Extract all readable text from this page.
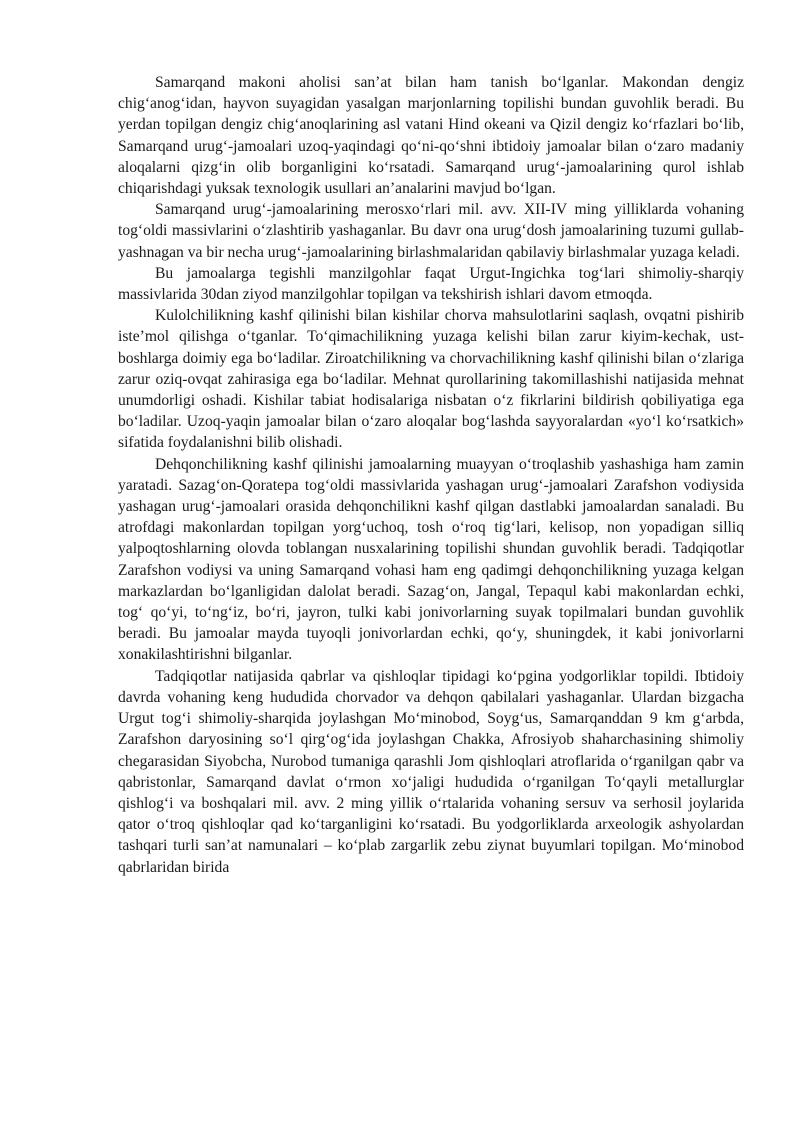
Samarqand makoni aholisi san’at bilan ham tanish bo‘lganlar. Makondan dengiz chig‘anog‘idan, hayvon suyagidan yasalgan marjonlarning topilishi bundan guvohlik beradi. Bu yerdan topilgan dengiz chig‘anoqlarining asl vatani Hind okeani va Qizil dengiz ko‘rfazlari bo‘lib, Samarqand urug‘-jamoalari uzoq-yaqindagi qo‘ni-qo‘shni ibtidoiy jamoalar bilan o‘zaro madaniy aloqalarni qizg‘in olib borganligini ko‘rsatadi. Samarqand urug‘-jamoalarining qurol ishlab chiqarishdagi yuksak texnologik usullari an’analarini mavjud bo‘lgan.

Samarqand urug‘-jamoalarining merosxo‘rlari mil. avv. XII-IV ming yilliklarda vohaning tog‘oldi massivlarini o‘zlashtirib yashaganlar. Bu davr ona urug‘dosh jamoalarining tuzumi gullab-yashnagan va bir necha urug‘-jamoalarining birlashmalaridan qabilaviy birlashmalar yuzaga keladi.

Bu jamoalarga tegishli manzilgohlar faqat Urgut-Ingichka tog‘lari shimoliy-sharqiy massivlarida 30dan ziyod manzilgohlar topilgan va tekshirish ishlari davom etmoqda.

Kulolchilikning kashf qilinishi bilan kishilar chorva mahsulotlarini saqlash, ovqatni pishirib iste’mol qilishga o‘tganlar. To‘qimachilikning yuzaga kelishi bilan zarur kiyim-kechak, ust-boshlarga doimiy ega bo‘ladilar. Ziroatchilikning va chorvachilikning kashf qilinishi bilan o‘zlariga zarur oziq-ovqat zahirasiga ega bo‘ladilar. Mehnat qurollarining takomillashishi natijasida mehnat unumdorligi oshadi. Kishilar tabiat hodisalariga nisbatan o‘z fikrlarini bildirish qobiliyatiga ega bo‘ladilar. Uzoq-yaqin jamoalar bilan o‘zaro aloqalar bog‘lashda sayyoralardan «yo‘l ko‘rsatkich» sifatida foydalanishni bilib olishadi.

Dehqonchilikning kashf qilinishi jamoalarning muayyan o‘troqlashib yashashiga ham zamin yaratadi. Sazag‘on-Qoratepa tog‘oldi massivlarida yashagan urug‘-jamoalari Zarafshon vodiysida yashagan urug‘-jamoalari orasida dehqonchilikni kashf qilgan dastlabki jamoalardan sanaladi. Bu atrofdagi makonlardan topilgan yorg‘uchoq, tosh o‘roq tig‘lari, kelisop, non yopadigan silliq yalpoqtoshlarning olovda toblangan nusxalarining topilishi shundan guvohlik beradi. Tadqiqotlar Zarafshon vodiysi va uning Samarqand vohasi ham eng qadimgi dehqonchilikning yuzaga kelgan markazlardan bo‘lganligidan dalolat beradi. Sazag‘on, Jangal, Tepaqul kabi makonlardan echki, tog‘ qo‘yi, to‘ng‘iz, bo‘ri, jayron, tulki kabi jonivorlarning suyak topilmalari bundan guvohlik beradi. Bu jamoalar mayda tuyoqli jonivorlardan echki, qo‘y, shuningdek, it kabi jonivorlarni xonakilashtirishni bilganlar.

Tadqiqotlar natijasida qabrlar va qishloqlar tipidagi ko‘pgina yodgorliklar topildi. Ibtidoiy davrda vohaning keng hududida chorvador va dehqon qabilalari yashaganlar. Ulardan bizgacha Urgut tog‘i shimoliy-sharqida joylashgan Mo‘minobod, Soyg‘us, Samarqanddan 9 km g‘arbda, Zarafshon daryosining so‘l qirg‘og‘ida joylashgan Chakka, Afrosiyob shaharchasining shimoliy chegarasidan Siyobcha, Nurobod tumaniga qarashli Jom qishloqlari atroflarida o‘rganilgan qabr va qabristonlar, Samarqand davlat o‘rmon xo‘jaligi hududida o‘rganilgan To‘qayli metallurglar qishlog‘i va boshqalari mil. avv. 2 ming yillik o‘rtalarida vohaning sersuv va serhosil joylarida qator o‘troq qishloqlar qad ko‘targanligini ko‘rsatadi. Bu yodgorliklarda arxeologik ashyolardan tashqari turli san’at namunalari – ko‘plab zargarlik zebu ziynat buyumlari topilgan. Mo‘minobod qabrlaridan birida
